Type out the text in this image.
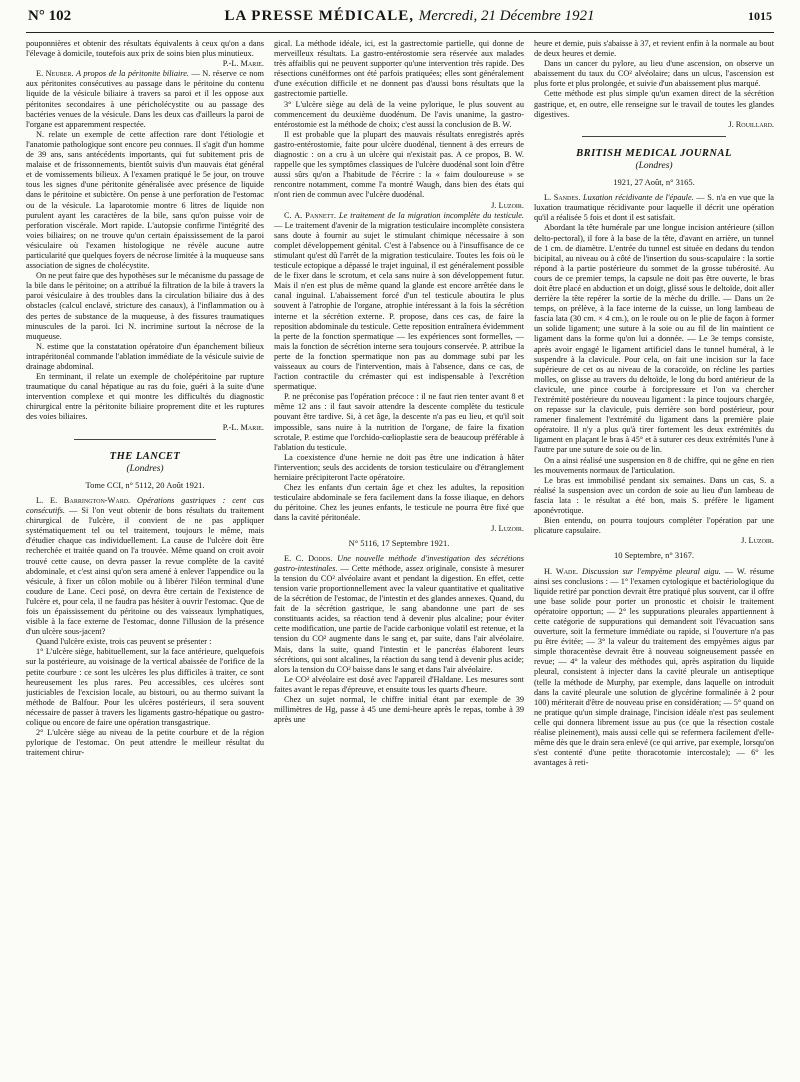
N° 102	LA PRESSE MÉDICALE, Mercredi, 21 Décembre 1921	1015

pouponnières et obtenir des résultats équivalents à ceux qu'on a dans l'élevage à domicile, toutefois aux prix de soins bien plus minutieux.

P.-L. Marie.

E. Neuber. A propos de la péritonite biliaire. — N. réserve ce nom aux péritonites consécutives au passage dans le péritoine du contenu liquide de la vésicule biliaire à travers sa paroi et il les oppose aux péritonites secondaires à une péricholécystite ou au passage des bactéries venues de la vésicule. Dans les deux cas d'ailleurs la paroi de l'organe est apparemment respectée.

N. relate un exemple de cette affection rare dont l'étiologie et l'anatomie pathologique sont encore peu connues. Il s'agit d'un homme de 39 ans, sans antécédents importants, qui fut subitement pris de malaise et de frissonnements, bientôt suivis d'un mauvais état général et de vomissements bilieux. A l'examen pratiqué le 5e jour, on trouve tous les signes d'une péritonite généralisée avec présence de liquide dans le péritoine et subictère. On pense à une perforation de l'estomac ou de la vésicule. La laparotomie montre 6 litres de liquide non purulent ayant les caractères de la bile, sans qu'on puisse voir de perforation viscérale. Mort rapide. L'autopsie confirme l'intégrité des voies biliaires; on ne trouve qu'un certain épaississement de la paroi vésiculaire où l'examen histologique ne révèle aucune autre particularité que quelques foyers de nécrose limitée à la muqueuse sans association de signes de cholécystite.

On ne peut faire que des hypothèses sur le mécanisme du passage de la bile dans le péritoine; on a attribué la filtration de la bile à travers la paroi vésiculaire à des troubles dans la circulation biliaire dus à des obstacles (calcul enclavé, stricture des canaux), à l'inflammation ou à des pertes de substance de la muqueuse, à des fissures traumatiques minuscules de la paroi. Ici N. incrimine surtout la nécrose de la muqueuse.

N. estime que la constatation opératoire d'un épanchement bilieux intrapéritonéal commande l'ablation immédiate de la vésicule suivie de drainage abdominal.

En terminant, il relate un exemple de cholépéritoine par rupture traumatique du canal hépatique au ras du foie, guéri à la suite d'une intervention complexe et qui montre les difficultés du diagnostic chirurgical entre la péritonite biliaire proprement dite et les ruptures des voies biliaires.

P.-L. Marie.

THE LANCET
(Londres)
Tome CCI, n° 5112, 20 Août 1921.

L. E. Barrington-Ward. Opérations gastriques : cent cas consécutifs. — Si l'on veut obtenir de bons résultats du traitement chirurgical de l'ulcère, il convient de ne pas appliquer systématiquement tel ou tel traitement, toujours le même, mais d'étudier chaque cas individuellement. La cause de l'ulcère doit être recherchée et traitée quand on l'a trouvée. Même quand on croit avoir trouvé cette cause, on devra passer la revue complète de la cavité abdominale, et c'est ainsi qu'on sera amené à enlever l'appendice ou la vésicule, à fixer un côlon mobile ou à libérer l'iléon terminal d'une coudure de Lane. Ceci posé, on devra être certain de l'existence de l'ulcère et, pour cela, il ne faudra pas hésiter à ouvrir l'estomac. Que de fois un épaississement du péritoine ou des vaisseaux lymphatiques, visible à la face externe de l'estomac, donne l'illusion de la présence d'un ulcère sous-jacent?

Quand l'ulcère existe, trois cas peuvent se présenter :

1° L'ulcère siège, habituellement, sur la face antérieure, quelquefois sur la postérieure, au voisinage de la vertical abaissée de l'orifice de la petite courbure : ce sont les ulcères les plus difficiles à traiter, ce sont heureusement les plus rares. Peu accessibles, ces ulcères sont justiciables de l'excision locale, au bistouri, ou au thermo suivant la méthode de Balfour. Pour les ulcères postérieurs, il sera souvent nécessaire de passer à travers les ligaments gastro-hépatique ou gastro-colique ou encore de faire une opération transgastrique.

2° L'ulcère siège au niveau de la petite courbure et de la région pylorique de l'estomac. On peut attendre le meilleur résultat du traitement chirur-

gical. La méthode idéale, ici, est la gastrectomie partielle, qui donne de merveilleux résultats. La gastro-entérostomie sera réservée aux malades très affaiblis qui ne peuvent supporter qu'une intervention très rapide. Des résections cunéiformes ont été parfois pratiquées; elles sont généralement d'une exécution difficile et ne donnent pas d'aussi bons résultats que la gastrectomie partielle.

3° L'ulcère siège au delà de la veine pylorique, le plus souvent au commencement du deuxième duodénum. De l'avis unanime, la gastro-entérostomie est la méthode de choix; c'est aussi la conclusion de B. W.

Il est probable que la plupart des mauvais résultats enregistrés après gastro-entérostomie, faite pour ulcère duodénal, tiennent à des erreurs de diagnostic : on a cru à un ulcère qui n'existait pas. A ce propos, B. W. rappelle que les symptômes classiques de l'ulcère duodénal sont loin d'être aussi sûrs qu'on a l'habitude de l'écrire : la « faim douloureuse » se rencontre notamment, comme l'a montré Waugh, dans bien des états qui n'ont rien de commun avec l'ulcère duodénal.

J. Luzoir.

C. A. Pannett. Le traitement de la migration incomplète du testicule. — Le traitement d'avenir de la migration testiculaire incomplète consistera sans doute à fournir au sujet le stimulant chimique nécessaire à son complet développement génital. C'est à l'absence ou à l'insuffisance de ce stimulant qu'est dû l'arrêt de la migration testiculaire. Toutes les fois où le testicule ectopique a dépassé le trajet inguinal, il est généralement possible de le fixer dans le scrotum, et cela sans nuire à son développement futur. Mais il n'en est plus de même quand la glande est encore arrêtée dans le canal inguinal. L'abaissement forcé d'un tel testicule aboutira le plus souvent à l'atrophie de l'organe, atrophie intéressant à la fois la sécrétion interne et la sécrétion externe. P. propose, dans ces cas, de faire la reposition abdominale du testicule. Cette reposition entraînera évidemment la perte de la fonction spermatique — les expériences sont formelles, — mais la fonction de sécrétion interne sera toujours conservée. P. attribue la perte de la fonction spermatique non pas au dommage subi par les vaisseaux au cours de l'intervention, mais à l'absence, dans ce cas, de l'action contractile du crémaster qui est indispensable à l'excrétion spermatique.

P. ne préconise pas l'opération précoce : il ne faut rien tenter avant 8 et même 12 ans : il faut savoir attendre la descente complète du testicule pouvant être tardive. Si, à cet âge, la descente n'a pas eu lieu, et qu'il soit impossible, sans nuire à la nutrition de l'organe, de faire la fixation scrotale, P. estime que l'orchido-cœlioplastie sera de beaucoup préférable à l'ablation du testicule.

La coexistence d'une hernie ne doit pas être une indication à hâter l'intervention; seuls des accidents de torsion testiculaire ou d'étranglement herniaire précipiteront l'acte opératoire.

Chez les enfants d'un certain âge et chez les adultes, la reposition testiculaire abdominale se fera facilement dans la fosse iliaque, en dehors du péritoine. Chez les jeunes enfants, le testicule ne pourra être fixé que dans la cavité péritonéale.

J. Luzoir.

N° 5116, 17 Septembre 1921.

E. C. Dodds. Une nouvelle méthode d'investigation des sécrétions gastro-intestinales. — Cette méthode, assez originale, consiste à mesurer la tension du CO² alvéolaire avant et pendant la digestion. En effet, cette tension varie proportionnellement avec la valeur quantitative et qualitative de la sécrétion de l'estomac, de l'intestin et des glandes annexes. Quand, du fait de la sécrétion gastrique, le sang abandonne une part de ses constituants acides, sa réaction tend à devenir plus alcaline; pour éviter cette modification, une partie de l'acide carbonique volatil est retenue, et la tension du CO² augmente dans le sang et, par suite, dans l'air alvéolaire. Mais, dans la suite, quand l'intestin et le pancréas élaborent leurs sécrétions, qui sont alcalines, la réaction du sang tend à devenir plus acide; alors la tension du CO² baisse dans le sang et dans l'air alvéolaire.

Le CO² alvéolaire est dosé avec l'appareil d'Haldane. Les mesures sont faites avant le repas d'épreuve, et ensuite tous les quarts d'heure.

Chez un sujet normal, le chiffre initial étant par exemple de 39 millimètres de Hg, passe à 45 une demi-heure après le repas, tombe à 39 après une

heure et demie, puis s'abaisse à 37, et revient enfin à la normale au bout de deux heures et demie.

Dans un cancer du pylore, au lieu d'une ascension, on observe un abaissement du taux du CO² alvéolaire; dans un ulcus, l'ascension est plus forte et plus prolongée, et suivie d'un abaissement plus marqué.

Cette méthode est plus simple qu'un examen direct de la sécrétion gastrique, et, en outre, elle renseigne sur le travail de toutes les glandes digestives.

J. Rouillard.

BRITISH MEDICAL JOURNAL
(Londres)
1921, 27 Août, n° 3165.

L. Sandes. Luxation récidivante de l'épaule. — S. n'a en vue que la luxation traumatique récidivante pour laquelle il décrit une opération qu'il a réalisée 5 fois et dont il est satisfait.

Abordant la tête humérale par une longue incision antérieure (sillon delto-pectoral), il fore à la base de la tête, d'avant en arrière, un tunnel de 1 cm. de diamètre. L'entrée du tunnel est située en dedans du tendon bicipital, au niveau ou à côté de l'insertion du sous-scapulaire : la sortie répond à la partie postérieure du sommet de la grosse tubérosité. Au cours de ce premier temps, la capsule ne doit pas être ouverte, le bras doit être placé en abduction et un doigt, glissé sous le deltoïde, doit aller derrière la tête repérer la sortie de la mèche du drille. — Dans un 2e temps, on prélève, à la face interne de la cuisse, un long lambeau de fascia lata (30 cm. × 4 cm.), on le roule ou on le plie de façon à former un solide ligament; une suture à la soie ou au fil de lin maintient ce ligament dans la forme qu'on lui a donnée. — Le 3e temps consiste, après avoir engagé le ligament artificiel dans le tunnel huméral, à le suspendre à la clavicule. Pour cela, on fait une incision sur la face supérieure de cet os au niveau de la coracoïde, on récline les parties molles, on glisse au travers du deltoïde, le long du bord antérieur de la clavicule, une pince courbe à forcipressure et l'on va chercher l'extrémité postérieure du nouveau ligament : la pince toujours chargée, on repasse sur la clavicule, puis derrière son bord postérieur, pour ramener finalement l'extrémité du ligament dans la première plaie opératoire. Il n'y a plus qu'à tirer fortement les deux extrémités du ligament en plaçant le bras à 45° et à suturer ces deux extrémités l'une à l'autre par une suture de soie ou de lin.

On a ainsi réalisé une suspension en 8 de chiffre, qui ne gêne en rien les mouvements normaux de l'articulation.

Le bras est immobilisé pendant six semaines. Dans un cas, S. a réalisé la suspension avec un cordon de soie au lieu d'un lambeau de fascia lata : le résultat a été bon, mais S. préfère le ligament aponévrotique.

Bien entendu, on pourra toujours compléter l'opération par une plicature capsulaire.

J. Luzoir.

10 Septembre, n° 3167.

H. Wade. Discussion sur l'empyème pleural aigu. — W. résume ainsi ses conclusions : — 1° l'examen cytologique et bactériologique du liquide retiré par ponction devrait être pratiqué plus souvent, car il offre une base solide pour porter un pronostic et choisir le traitement opératoire opportun; — 2° les suppurations pleurales appartiennent à cette catégorie de suppurations qui demandent soit l'évacuation sans ouverture, soit la fermeture immédiate ou rapide, si l'ouverture n'a pas pu être évitée; — 3° la valeur du traitement des empyèmes aigus par simple thoracentèse devrait être à nouveau soigneusement passée en revue; — 4° la valeur des méthodes qui, après aspiration du liquide pleural, consistent à injecter dans la cavité pleurale un antiseptique (telle la méthode de Murphy, par exemple, dans laquelle on introduit dans la cavité pleurale une solution de glycérine formalinée à 2 pour 100) mériterait d'être de nouveau prise en considération; — 5° quand on ne pratique qu'un simple drainage, l'incision idéale n'est pas seulement celle qui donnera librement issue au pus (ce que la résection costale réalise pleinement), mais aussi celle qui se refermera facilement d'elle-même dès que le drain sera enlevé (ce qui arrive, par exemple, lorsqu'on s'est contenté d'une petite thoracotomie intercostale); — 6° les avantages à reti-
